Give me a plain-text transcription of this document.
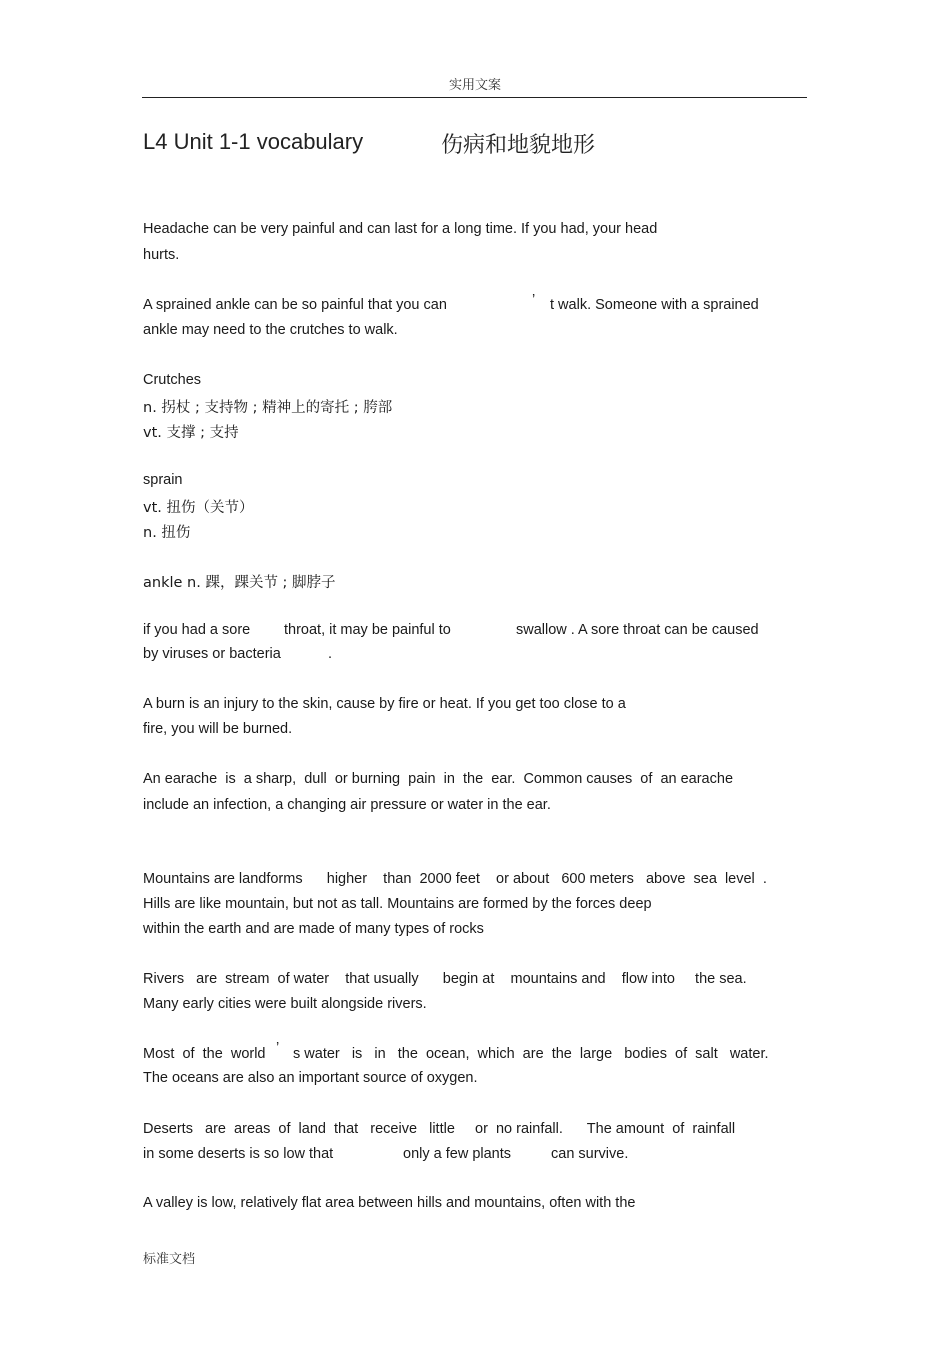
实用文案
L4 Unit 1-1 vocabulary	伤病和地貌地形
Headache can be very painful and can last for a long time. If you had, your head
hurts.
A sprained ankle can be so painful that you can	’ t walk. Someone with a sprained
ankle may need to the crutches to walk.
Crutches
n. 拐杖 ; 支持物 ; 精神上的寄托 ; 胯部
vt. 支撑 ; 支持
sprain
vt. 扭伤（关节）
n. 扭伤
ankle n. 踝，踝关节 ; 脚脖子
if you had a sore throat, it may be painful to	swallow . A sore throat can be caused
by viruses or bacteria	.
A burn is an injury to the skin, cause by fire or heat. If you get too close to a
fire, you will be burned.
An earache  is  a sharp,  dull  or burning  pain  in  the  ear.  Common causes  of  an earache
include an infection, a changing air pressure or water in the ear.
Mountains are landforms      higher    than  2000 feet    or about   600 meters   above  sea  level  .
Hills are like mountain, but not as tall. Mountains are formed by the forces deep
within the earth and are made of many types of rocks
Rivers   are  stream  of water    that usually      begin at    mountains and    flow into     the sea.
Many early cities were built alongside rivers.
Most  of  the  world ’ s water   is   in   the  ocean,  which  are  the  large   bodies  of  salt   water.
The oceans are also an important source of oxygen.
Deserts   are  areas  of  land  that   receive   little     or  no rainfall.      The amount  of  rainfall
in some deserts is so low that	only a few plants	can survive.
A valley is low, relatively flat area between hills and mountains, often with the
标准文档
